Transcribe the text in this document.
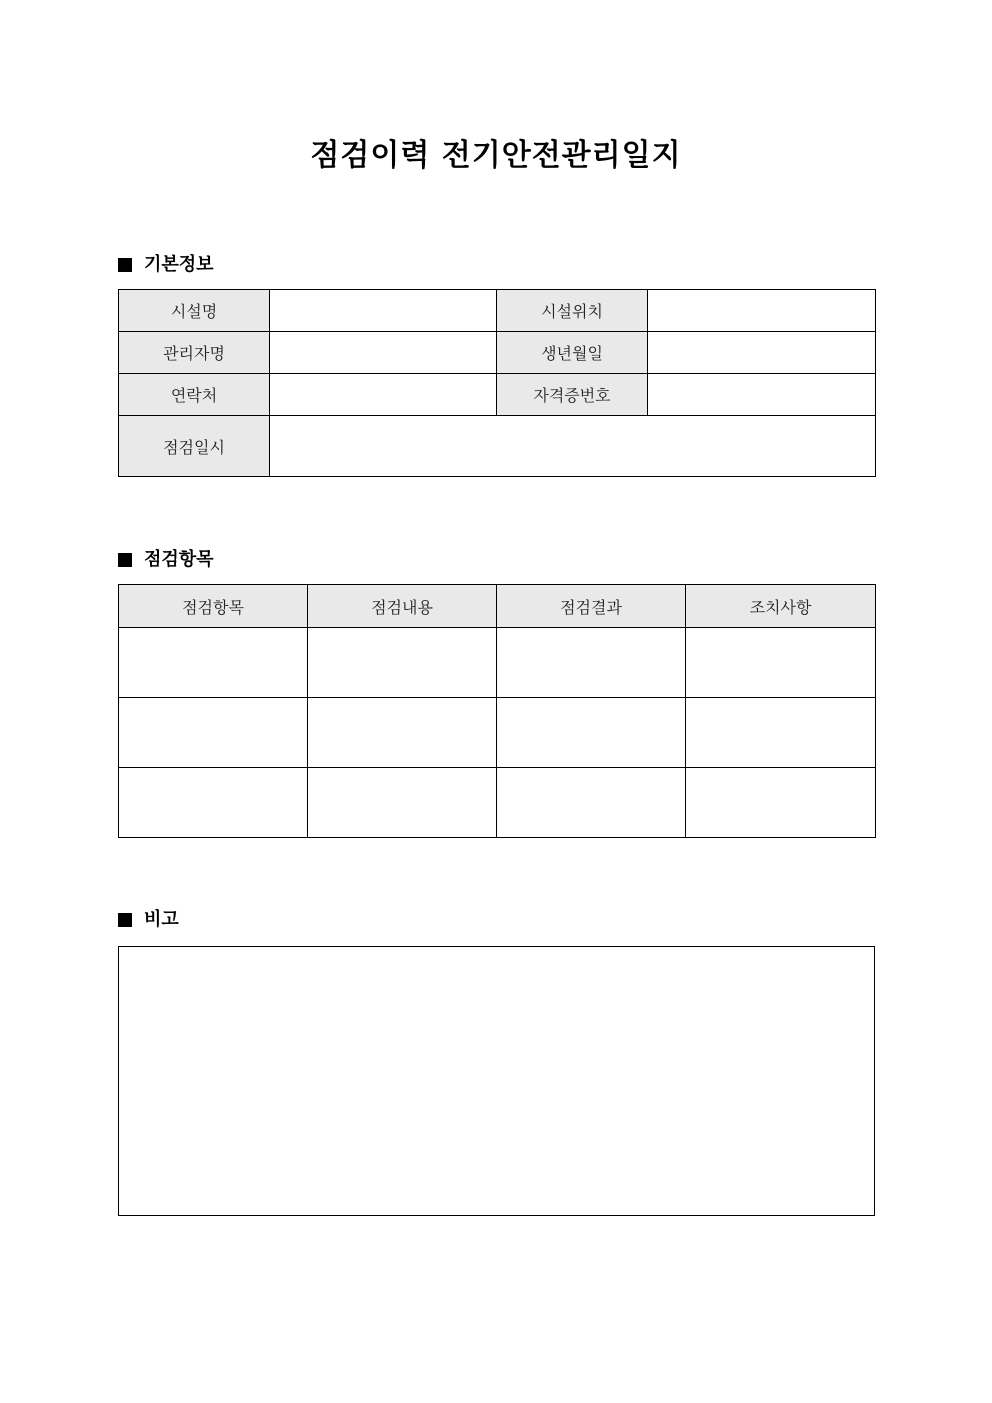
점검이력 전기안전관리일지
기본정보
시설명		시설위치	
관리자명		생년월일	
연락처		자격증번호	
점검일시			
점검항목
점검항목	점검내용	점검결과	조치사항

비고
